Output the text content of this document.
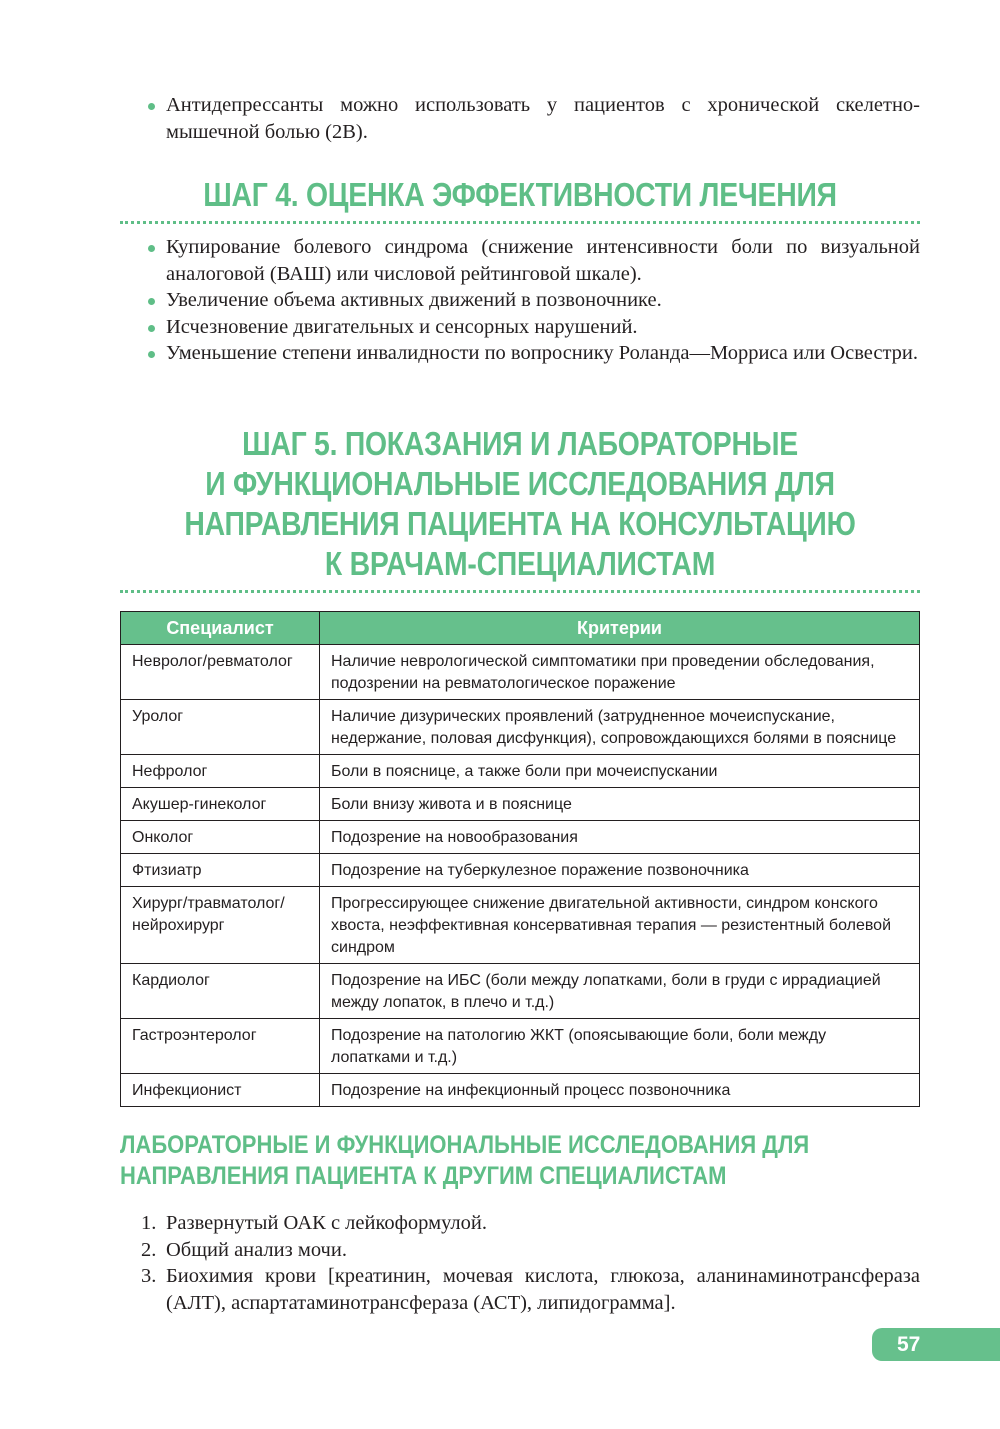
Антидепрессанты можно использовать у пациентов с хронической скелетно-мышечной болью (2В).
ШАГ 4. ОЦЕНКА ЭФФЕКТИВНОСТИ ЛЕЧЕНИЯ
Купирование болевого синдрома (снижение интенсивности боли по визуальной аналоговой (ВАШ) или числовой рейтинговой шкале).
Увеличение объема активных движений в позвоночнике.
Исчезновение двигательных и сенсорных нарушений.
Уменьшение степени инвалидности по вопроснику Роланда—Морриса или Освестри.
ШАГ 5. ПОКАЗАНИЯ И ЛАБОРАТОРНЫЕ
И ФУНКЦИОНАЛЬНЫЕ ИССЛЕДОВАНИЯ ДЛЯ
НАПРАВЛЕНИЯ ПАЦИЕНТА НА КОНСУЛЬТАЦИЮ
К ВРАЧАМ-СПЕЦИАЛИСТАМ
Специалист	Критерии
Невролог/ревматолог	Наличие неврологической симптоматики при проведении обследования, подозрении на ревматологическое поражение
Уролог	Наличие дизурических проявлений (затрудненное мочеиспускание, недержание, половая дисфункция), сопровождающихся болями в пояснице
Нефролог	Боли в пояснице, а также боли при мочеиспускании
Акушер-гинеколог	Боли внизу живота и в пояснице
Онколог	Подозрение на новообразования
Фтизиатр	Подозрение на туберкулезное поражение позвоночника
Хирург/травматолог/ нейрохирург	Прогрессирующее снижение двигательной активности, синдром конского хвоста, неэффективная консервативная терапия — резистентный болевой синдром
Кардиолог	Подозрение на ИБС (боли между лопатками, боли в груди с иррадиацией между лопаток, в плечо и т.д.)
Гастроэнтеролог	Подозрение на патологию ЖКТ (опоясывающие боли, боли между лопатками и т.д.)
Инфекционист	Подозрение на инфекционный процесс позвоночника
ЛАБОРАТОРНЫЕ И ФУНКЦИОНАЛЬНЫЕ ИССЛЕДОВАНИЯ ДЛЯ
НАПРАВЛЕНИЯ ПАЦИЕНТА К ДРУГИМ СПЕЦИАЛИСТАМ
1. Развернутый ОАК с лейкоформулой.
2. Общий анализ мочи.
3. Биохимия крови [креатинин, мочевая кислота, глюкоза, аланинаминотрансфераза (АЛТ), аспартатаминотрансфераза (АСТ), липидограмма].
57
